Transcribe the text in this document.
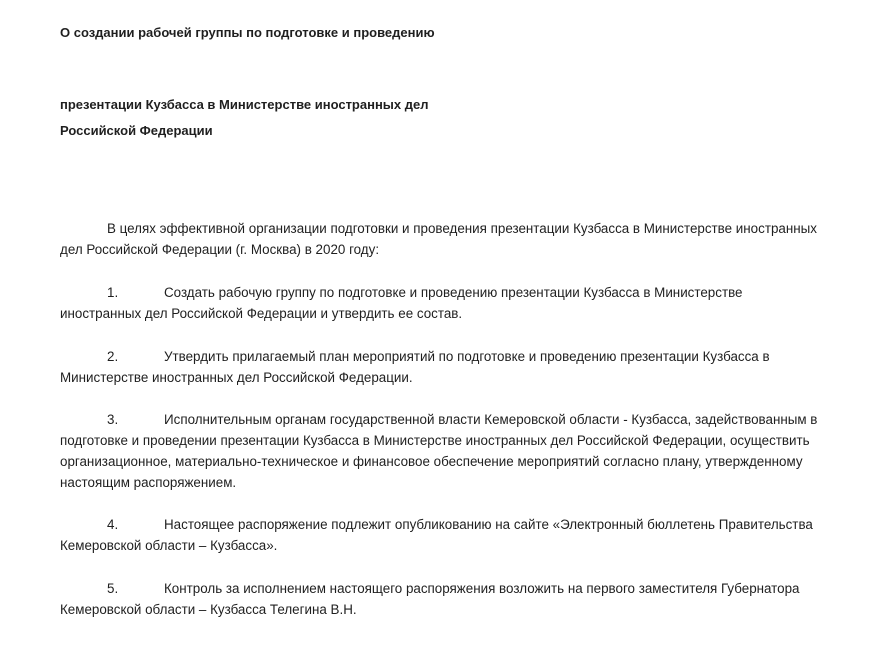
О создании рабочей группы по подготовке и проведению
презентации Кузбасса в Министерстве иностранных дел
Российской Федерации

В целях эффективной организации подготовки и проведения презентации Кузбасса в Министерстве иностранных дел Российской Федерации (г. Москва) в 2020 году:

1.	Создать рабочую группу по подготовке и проведению презентации Кузбасса в Министерстве иностранных дел Российской Федерации и утвердить ее состав.

2.	Утвердить прилагаемый план мероприятий по подготовке и проведению презентации Кузбасса в Министерстве иностранных дел Российской Федерации.

3.	Исполнительным органам государственной власти Кемеровской области - Кузбасса, задействованным в подготовке и проведении презентации Кузбасса в Министерстве иностранных дел Российской Федерации, осуществить организационное, материально-техническое и финансовое обеспечение мероприятий согласно плану, утвержденному настоящим распоряжением.

4.	Настоящее распоряжение подлежит опубликованию на сайте «Электронный бюллетень Правительства Кемеровской области – Кузбасса».

5.	Контроль за исполнением настоящего распоряжения возложить на первого заместителя Губернатора Кемеровской области – Кузбасса Телегина В.Н.
